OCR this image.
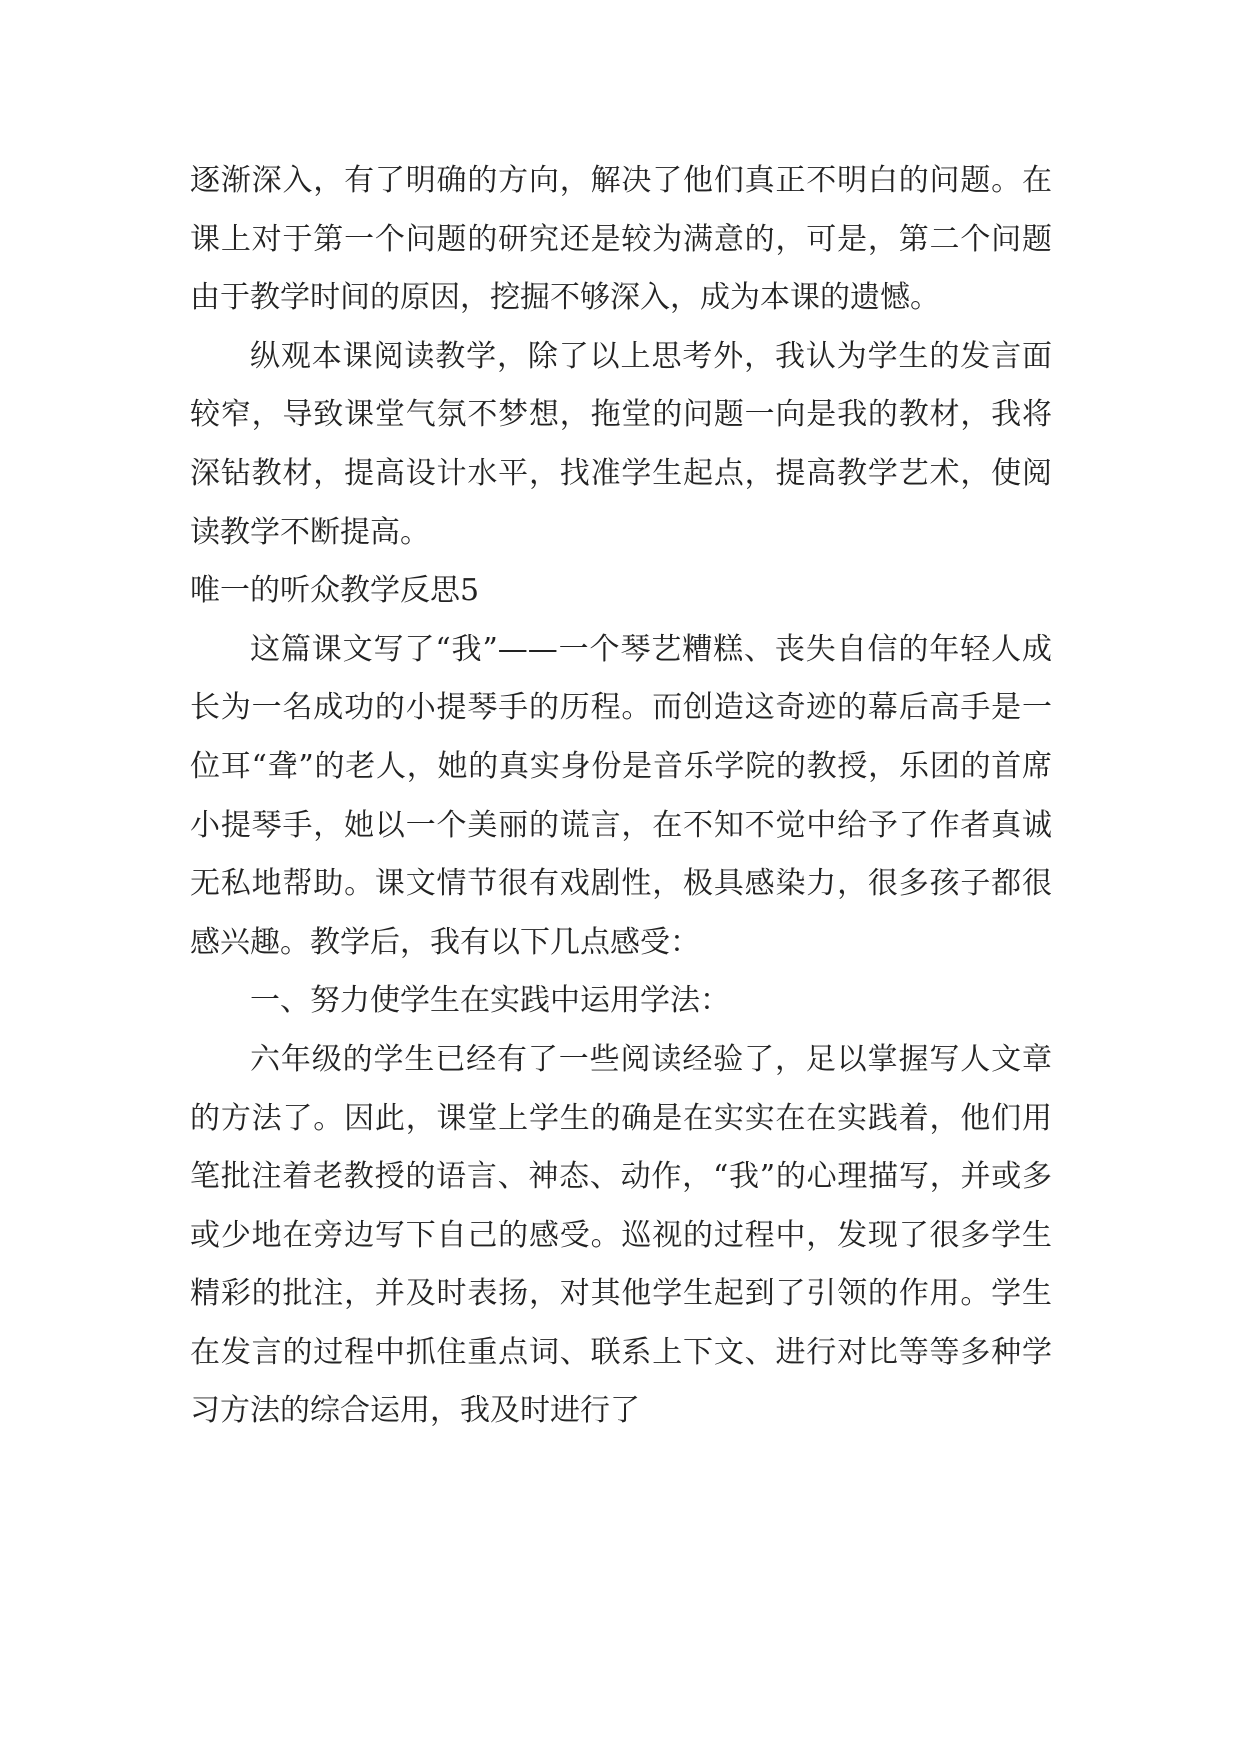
逐渐深入，有了明确的方向，解决了他们真正不明白的问题。在课上对于第一个问题的研究还是较为满意的，可是，第二个问题由于教学时间的原因，挖掘不够深入，成为本课的遗憾。

纵观本课阅读教学，除了以上思考外，我认为学生的发言面较窄，导致课堂气氛不梦想，拖堂的问题一向是我的教材，我将深钻教材，提高设计水平，找准学生起点，提高教学艺术，使阅读教学不断提高。

唯一的听众教学反思5

这篇课文写了“我”——一个琴艺糟糕、丧失自信的年轻人成长为一名成功的小提琴手的历程。而创造这奇迹的幕后高手是一位耳“聋”的老人，她的真实身份是音乐学院的教授，乐团的首席小提琴手，她以一个美丽的谎言，在不知不觉中给予了作者真诚无私地帮助。课文情节很有戏剧性，极具感染力，很多孩子都很感兴趣。教学后，我有以下几点感受：

一、努力使学生在实践中运用学法：

六年级的学生已经有了一些阅读经验了，足以掌握写人文章的方法了。因此，课堂上学生的确是在实实在在实践着，他们用笔批注着老教授的语言、神态、动作，“我”的心理描写，并或多或少地在旁边写下自己的感受。巡视的过程中，发现了很多学生精彩的批注，并及时表扬，对其他学生起到了引领的作用。学生在发言的过程中抓住重点词、联系上下文、进行对比等等多种学习方法的综合运用，我及时进行了
